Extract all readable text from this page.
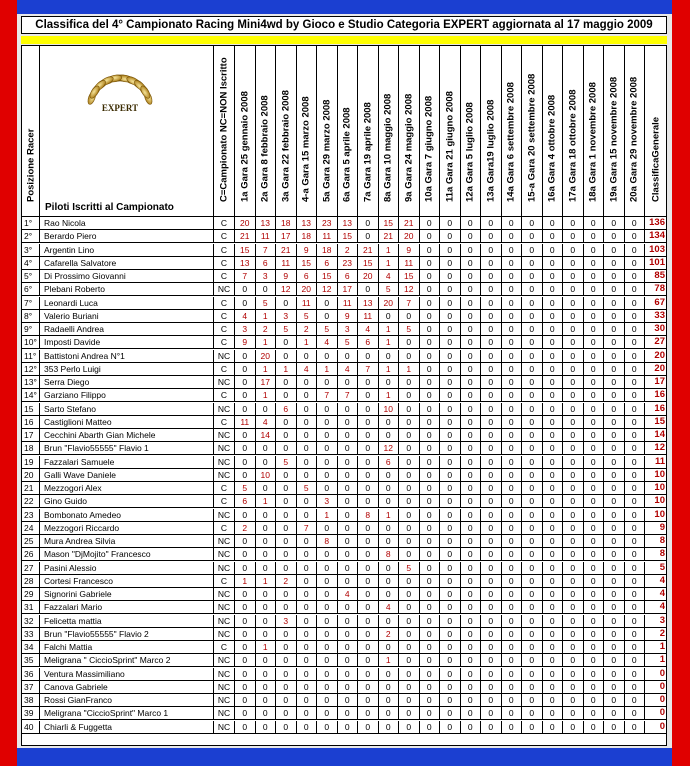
Classifica del 4° Campionato Racing Mini4wd by Gioco e Studio Categoria EXPERT aggiornata al 17 maggio 2009
Posizione Racer
EXPERT
Piloti Iscritti al Campionato
C=Campionato NC=NON Iscritto 1a Gara 25 gennaio 2008 2a Gara 8 febbraio 2008 3a Gara 22 febbraio 2008 4-a Gara 15 marzo 2008 5a Gara 29 marzo 2008 6a Gara 5 aprile 2008 7a Gara 19 aprile 2008 8a Gara 10 maggio 2008 9a Gara 24 maggio 2008 10a Gara 7 giugno 2008 11a Gara 21 giugno 2008 12a Gara 5 luglio 2008 13a Gara19 luglio 2008 14a Gara 6 settembre 2008 15-a Gara 20 settembre 2008 16a Gara 4 ottobre 2008 17a Gara 18 ottobre 2008 18a Gara 1 novembre 2008 19a Gara 15 novembre 2008 20a Gara 29 novembre 2008 ClassificaGenerale
1°	Rao Nicola	C	20	13	18	13	23	13	0	15	21	0	0	0	0	0	0	0	0	0	0	0	136
2°	Berardo Piero	C	21	11	17	18	11	15	0	21	20	0	0	0	0	0	0	0	0	0	0	0	134
3°	Argentin Lino	C	15	7	21	9	18	2	21	1	9	0	0	0	0	0	0	0	0	0	0	0	103
4°	Cafarella Salvatore	C	13	6	11	15	6	23	15	1	11	0	0	0	0	0	0	0	0	0	0	0	101
5°	Di Prossimo Giovanni	C	7	3	9	6	15	6	20	4	15	0	0	0	0	0	0	0	0	0	0	0	85
6°	Plebani Roberto	NC	0	0	12	20	12	17	0	5	12	0	0	0	0	0	0	0	0	0	0	0	78
7°	Leonardi Luca	C	0	5	0	11	0	11	13	20	7	0	0	0	0	0	0	0	0	0	0	0	67
8°	Valerio Buriani	C	4	1	3	5	0	9	11	0	0	0	0	0	0	0	0	0	0	0	0	0	33
9°	Radaelli Andrea	C	3	2	5	2	5	3	4	1	5	0	0	0	0	0	0	0	0	0	0	0	30
10° Imposti Davide	C	9	1	0	1	4	5	6	1	0	0	0	0	0	0	0	0	0	0	0	0	27
11° Battistoni Andrea N°1	NC	0	20	0	0	0	0	0	0	0	0	0	0	0	0	0	0	0	0	0	0	20
12° 353 Perlo Luigi	C	0	1	1	4	1	4	7	1	1	0	0	0	0	0	0	0	0	0	0	0	20
13° Serra Diego	NC	0	17	0	0	0	0	0	0	0	0	0	0	0	0	0	0	0	0	0	0	17
14° Garziano Filippo	C	0	1	0	0	7	7	0	1	0	0	0	0	0	0	0	0	0	0	0	0	16
15	Sarto Stefano	NC	0	0	6	0	0	0	0	10	0	0	0	0	0	0	0	0	0	0	0	0	16
16	Castiglioni Matteo	C	11	4	0	0	0	0	0	0	0	0	0	0	0	0	0	0	0	0	0	0	15
17	Cecchini Abarth Gian Michele	NC	0	14	0	0	0	0	0	0	0	0	0	0	0	0	0	0	0	0	0	0	14
18	Brun "Flavio55555" Flavio 1	NC	0	0	0	0	0	0	0	12	0	0	0	0	0	0	0	0	0	0	0	0	12
19	Fazzalari Samuele	NC	0	0	5	0	0	0	0	6	0	0	0	0	0	0	0	0	0	0	0	0	11
20	Galli Wave Daniele	NC	0	10	0	0	0	0	0	0	0	0	0	0	0	0	0	0	0	0	0	0	10
21	Mezzogori Alex	C	5	0	0	5	0	0	0	0	0	0	0	0	0	0	0	0	0	0	0	0	10
22	Gino Guido	C	6	1	0	0	3	0	0	0	0	0	0	0	0	0	0	0	0	0	0	0	10
23	Bombonato Amedeo	NC	0	0	0	0	1	0	8	1	0	0	0	0	0	0	0	0	0	0	0	0	10
24	Mezzogori Riccardo	C	2	0	0	7	0	0	0	0	0	0	0	0	0	0	0	0	0	0	0	0	9
25	Mura Andrea Silvia	NC	0	0	0	0	8	0	0	0	0	0	0	0	0	0	0	0	0	0	0	0	8
26	Mason "DjMojito" Francesco	NC	0	0	0	0	0	0	0	8	0	0	0	0	0	0	0	0	0	0	0	0	8
27	Pasini Alessio	NC	0	0	0	0	0	0	0	0	5	0	0	0	0	0	0	0	0	0	0	0	5
28	Cortesi Francesco	C	1	1	2	0	0	0	0	0	0	0	0	0	0	0	0	0	0	0	0	0	4
29	Signorini Gabriele	NC	0	0	0	0	0	4	0	0	0	0	0	0	0	0	0	0	0	0	0	0	4
31	Fazzalari Mario	NC	0	0	0	0	0	0	0	4	0	0	0	0	0	0	0	0	0	0	0	0	4
32	Felicetta mattia	NC	0	0	3	0	0	0	0	0	0	0	0	0	0	0	0	0	0	0	0	0	3
33	Brun "Flavio55555" Flavio 2	NC	0	0	0	0	0	0	0	2	0	0	0	0	0	0	0	0	0	0	0	0	2
34	Falchi Mattia	C	0	1	0	0	0	0	0	0	0	0	0	0	0	0	0	0	0	0	0	0	1
35	Meligrana " CiccioSprint" Marco 2	NC	0	0	0	0	0	0	0	1	0	0	0	0	0	0	0	0	0	0	0	0	1
36	Ventura Massimiliano	NC	0	0	0	0	0	0	0	0	0	0	0	0	0	0	0	0	0	0	0	0	0
37	Canova Gabriele	NC	0	0	0	0	0	0	0	0	0	0	0	0	0	0	0	0	0	0	0	0	0
38	Rossi GianFranco	NC	0	0	0	0	0	0	0	0	0	0	0	0	0	0	0	0	0	0	0	0	0
39	Meligrana "CiccioSprint" Marco 1	NC	0	0	0	0	0	0	0	0	0	0	0	0	0	0	0	0	0	0	0	0	0
40	Chiarli & Fuggetta	NC	0	0	0	0	0	0	0	0	0	0	0	0	0	0	0	0	0	0	0	0	0
